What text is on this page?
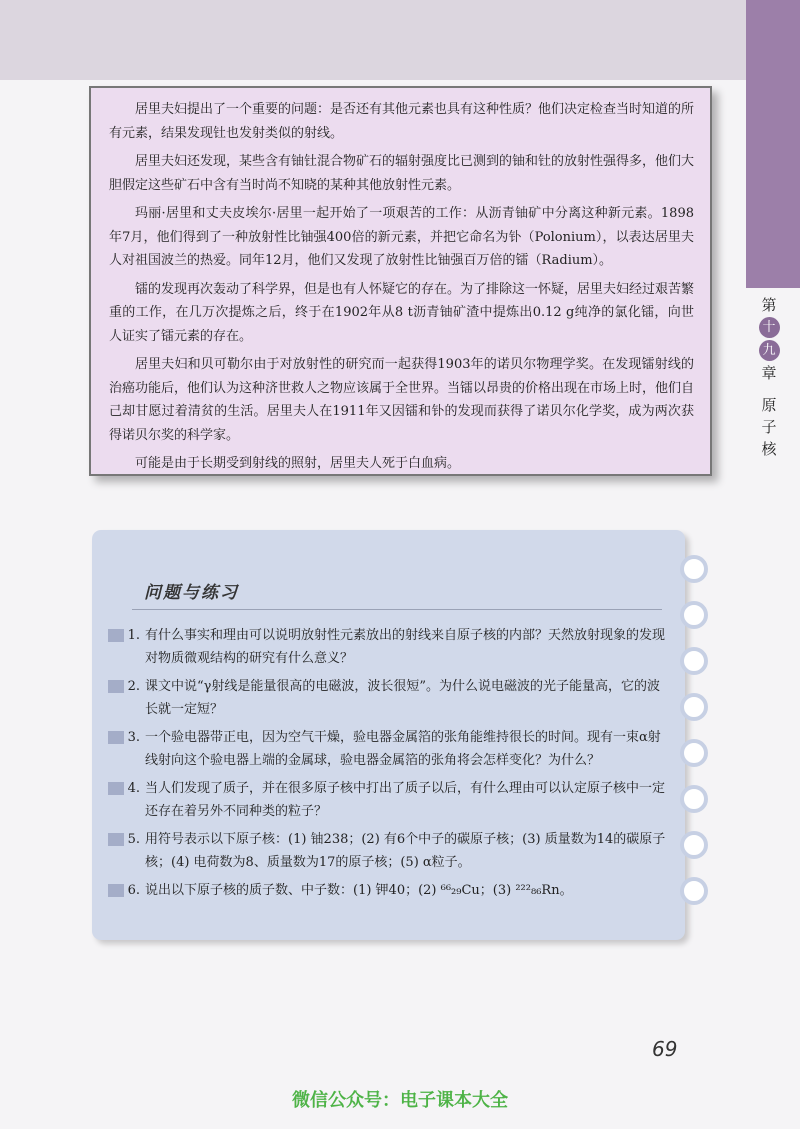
第
十
九
章
原
子
核

居里夫妇提出了一个重要的问题：是否还有其他元素也具有这种性质？他们决定检查当时知道的所有元素，结果发现钍也发射类似的射线。

居里夫妇还发现，某些含有铀钍混合物矿石的辐射强度比已测到的铀和钍的放射性强得多，他们大胆假定这些矿石中含有当时尚不知晓的某种其他放射性元素。

玛丽·居里和丈夫皮埃尔·居里一起开始了一项艰苦的工作：从沥青铀矿中分离这种新元素。1898年7月，他们得到了一种放射性比铀强400倍的新元素，并把它命名为钋（Polonium），以表达居里夫人对祖国波兰的热爱。同年12月，他们又发现了放射性比铀强百万倍的镭（Radium）。

镭的发现再次轰动了科学界，但是也有人怀疑它的存在。为了排除这一怀疑，居里夫妇经过艰苦繁重的工作，在几万次提炼之后，终于在1902年从8 t沥青铀矿渣中提炼出0.12 g纯净的氯化镭，向世人证实了镭元素的存在。

居里夫妇和贝可勒尔由于对放射性的研究而一起获得1903年的诺贝尔物理学奖。在发现镭射线的治癌功能后，他们认为这种济世救人之物应该属于全世界。当镭以昂贵的价格出现在市场上时，他们自己却甘愿过着清贫的生活。居里夫人在1911年又因镭和钋的发现而获得了诺贝尔化学奖，成为两次获得诺贝尔奖的科学家。

可能是由于长期受到射线的照射，居里夫人死于白血病。

问题与练习
1. 有什么事实和理由可以说明放射性元素放出的射线来自原子核的内部？天然放射现象的发现对物质微观结构的研究有什么意义？
2. 课文中说“γ射线是能量很高的电磁波，波长很短”。为什么说电磁波的光子能量高，它的波长就一定短？
3. 一个验电器带正电，因为空气干燥，验电器金属箔的张角能维持很长的时间。现有一束α射线射向这个验电器上端的金属球，验电器金属箔的张角将会怎样变化？为什么？
4. 当人们发现了质子，并在很多原子核中打出了质子以后，有什么理由可以认定原子核中一定还存在着另外不同种类的粒子？
5. 用符号表示以下原子核：(1) 铀238；(2) 有6个中子的碳原子核；(3) 质量数为14的碳原子核；(4) 电荷数为8、质量数为17的原子核；(5) α粒子。
6. 说出以下原子核的质子数、中子数：(1) 钾40；(2) ⁶⁶₂₉Cu；(3) ²²²₈₆Rn。
69
微信公众号：电子课本大全
